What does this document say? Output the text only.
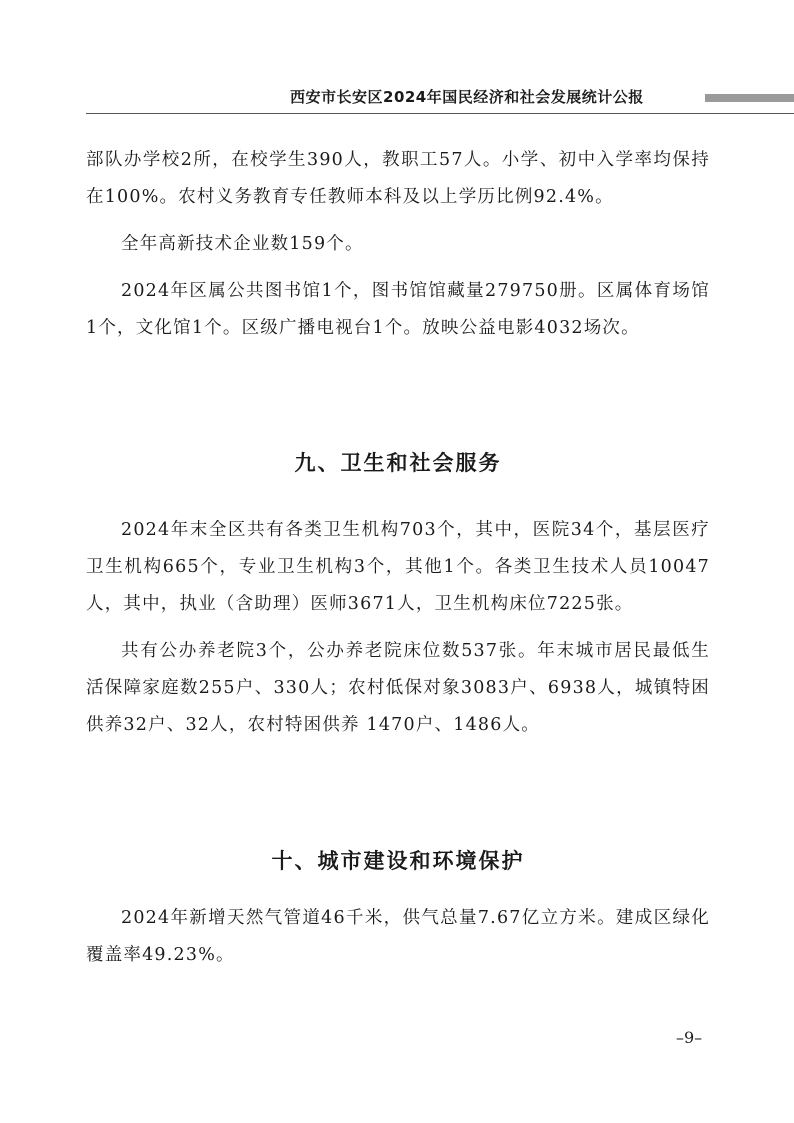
西安市长安区2024年国民经济和社会发展统计公报

部队办学校2所，在校学生390人，教职工57人。小学、初中入学率均保持在100%。农村义务教育专任教师本科及以上学历比例92.4%。

全年高新技术企业数159个。

2024年区属公共图书馆1个，图书馆馆藏量279750册。区属体育场馆1个，文化馆1个。区级广播电视台1个。放映公益电影4032场次。

九、卫生和社会服务

2024年末全区共有各类卫生机构703个，其中，医院34个，基层医疗卫生机构665个，专业卫生机构3个，其他1个。各类卫生技术人员10047人，其中，执业（含助理）医师3671人，卫生机构床位7225张。

共有公办养老院3个，公办养老院床位数537张。年末城市居民最低生活保障家庭数255户、330人；农村低保对象3083户、6938人，城镇特困供养32户、32人，农村特困供养 1470户、1486人。

十、城市建设和环境保护

2024年新增天然气管道46千米，供气总量7.67亿立方米。建成区绿化覆盖率49.23%。

–9–
